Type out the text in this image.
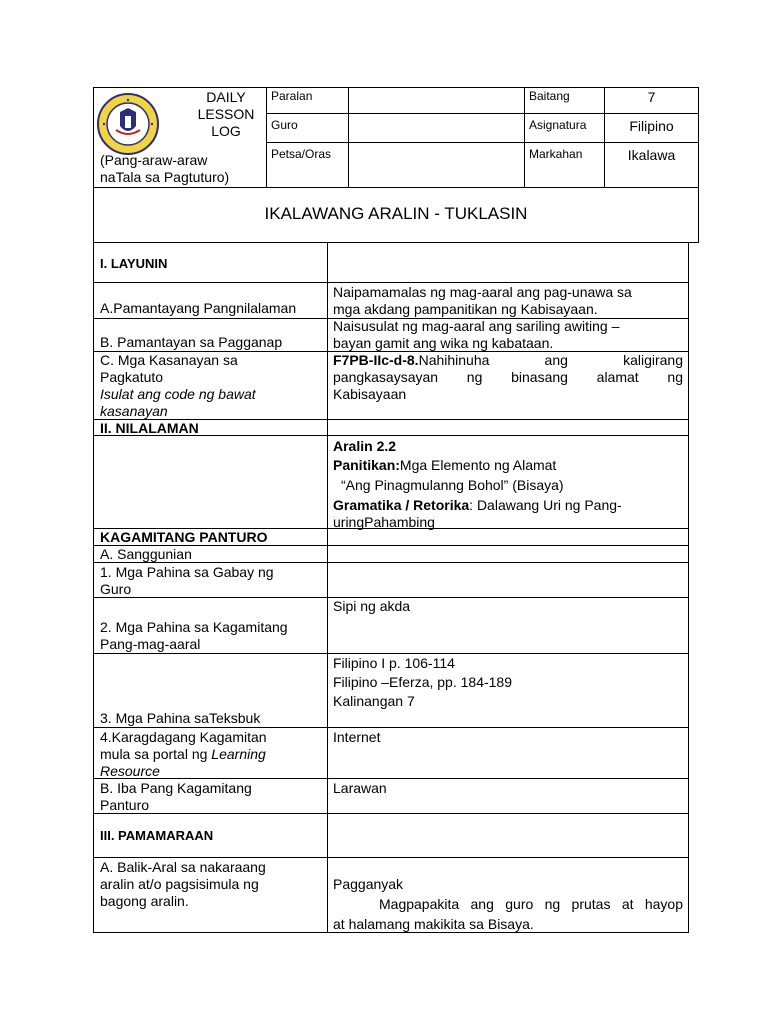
DAILY
LESSON
LOG
(Pang-araw-araw
naTala sa Pagtuturo)
Paralan
Guro
Petsa/Oras
Baitang
Asignatura
Markahan
7
Filipino
Ikalawa
IKALAWANG ARALIN - TUKLASIN
I. LAYUNIN
A.Pamantayang Pangnilalaman
Naipamamalas ng mag-aaral ang pag-unawa sa
mga akdang pampanitikan ng Kabisayaan.
B. Pamantayan sa Pagganap
Naisusulat ng mag-aaral ang sariling awiting –
bayan gamit ang wika ng kabataan.
C. Mga Kasanayan sa
Pagkatuto
Isulat ang code ng bawat
kasanayan
F7PB-IIc-d-8.Nahihinuha ang kaligirang
pangkasaysayan ng binasang alamat ng
Kabisayaan
II. NILALAMAN
Aralin 2.2
Panitikan:Mga Elemento ng Alamat
“Ang Pinagmulanng Bohol” (Bisaya)
Gramatika / Retorika: Dalawang Uri ng Pang-
uringPahambing
KAGAMITANG PANTURO
A. Sanggunian
1. Mga Pahina sa Gabay ng
Guro
2. Mga Pahina sa Kagamitang
Pang-mag-aaral
Sipi ng akda
3. Mga Pahina saTeksbuk
Filipino I p. 106-114
Filipino –Eferza, pp. 184-189
Kalinangan 7
4.Karagdagang Kagamitan
mula sa portal ng Learning
Resource
Internet
B. Iba Pang Kagamitang
Panturo
Larawan
III. PAMAMARAAN
A. Balik-Aral sa nakaraang
aralin at/o pagsisimula ng
bagong aralin.
Pagganyak
Magpapakita ang guro ng prutas at hayop
at halamang makikita sa Bisaya.
